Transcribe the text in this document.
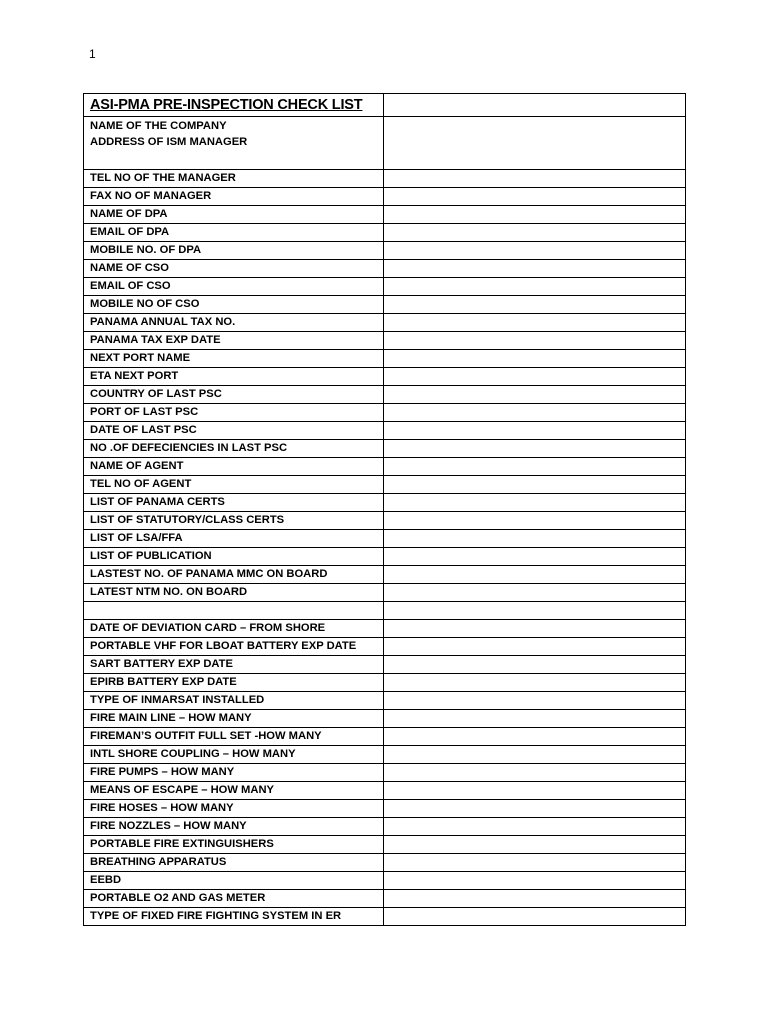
1
ASI-PMA PRE-INSPECTION CHECK LIST	

NAME OF THE COMPANY
ADDRESS OF ISM MANAGER	

TEL NO OF THE MANAGER	
FAX NO OF MANAGER	
NAME OF DPA	
EMAIL OF DPA	
MOBILE NO. OF DPA	
NAME OF CSO	
EMAIL OF CSO	
MOBILE NO OF CSO	
PANAMA ANNUAL TAX NO.	
PANAMA TAX EXP DATE	
NEXT PORT NAME	
ETA NEXT PORT	
COUNTRY OF LAST PSC	
PORT OF LAST PSC	
DATE OF LAST PSC	
NO .OF DEFECIENCIES IN LAST PSC	
NAME OF AGENT	
TEL NO OF AGENT	
LIST OF PANAMA CERTS	
LIST OF STATUTORY/CLASS CERTS	
LIST OF LSA/FFA	
LIST OF PUBLICATION	
LASTEST NO. OF PANAMA MMC ON BOARD	
LATEST NTM NO. ON BOARD	

DATE OF DEVIATION CARD – FROM SHORE	
PORTABLE VHF FOR LBOAT BATTERY EXP DATE	
SART BATTERY EXP DATE	
EPIRB BATTERY EXP DATE	
TYPE OF INMARSAT INSTALLED	
FIRE MAIN LINE – HOW MANY	
FIREMAN’S OUTFIT FULL SET -HOW MANY	
INTL SHORE COUPLING – HOW MANY	
FIRE PUMPS – HOW MANY	
MEANS OF ESCAPE – HOW MANY	
FIRE HOSES – HOW MANY	
FIRE NOZZLES – HOW MANY	
PORTABLE FIRE EXTINGUISHERS	
BREATHING APPARATUS	
EEBD	
PORTABLE O2 AND GAS METER	
TYPE OF FIXED FIRE FIGHTING SYSTEM IN ER	
